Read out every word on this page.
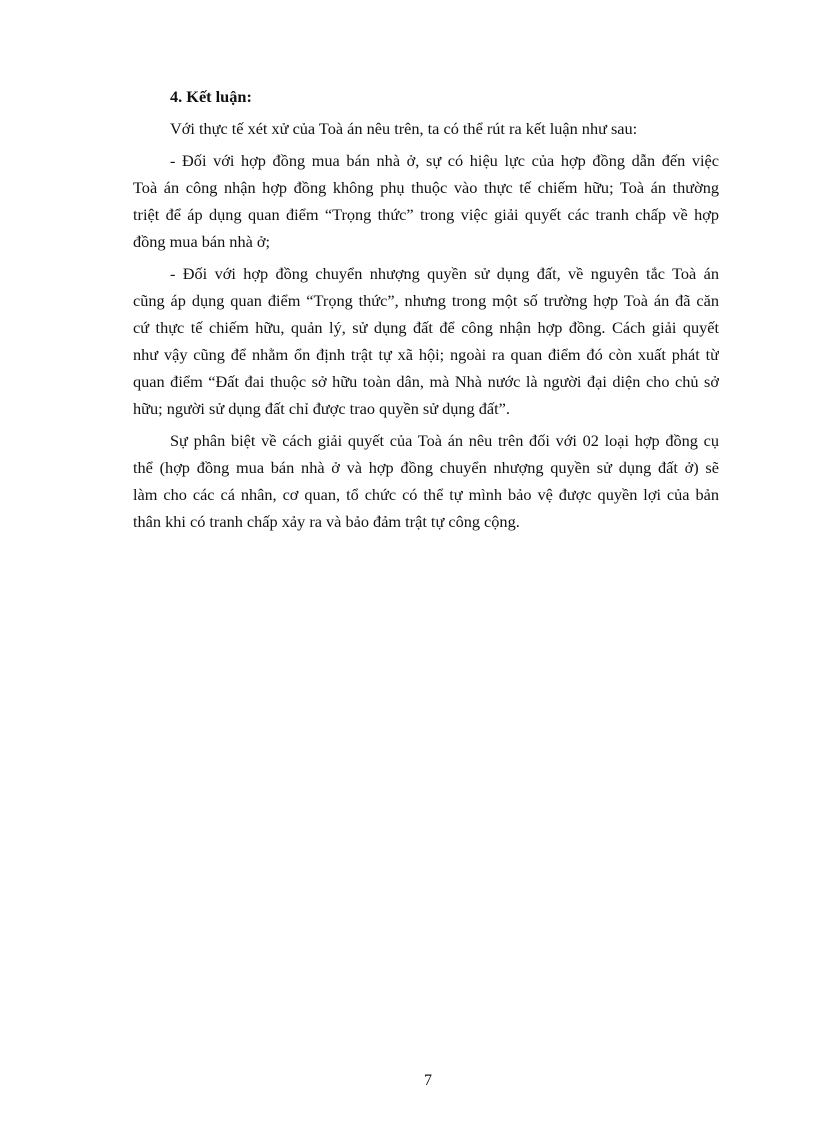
4. Kết luận:
Với thực tế xét xử của Toà án nêu trên, ta có thể rút ra kết luận như sau:
- Đối với hợp đồng mua bán nhà ở, sự có hiệu lực của hợp đồng dẫn đến việc
Toà án công nhận hợp đồng không phụ thuộc vào thực tế chiếm hữu; Toà án thường
triệt để áp dụng quan điểm “Trọng thức” trong việc giải quyết các tranh chấp về hợp
đồng mua bán nhà ở;
- Đối với hợp đồng chuyển nhượng quyền sử dụng đất, về nguyên tắc Toà án
cũng áp dụng quan điểm “Trọng thức”, nhưng trong một số trường hợp Toà án đã căn
cứ thực tế chiếm hữu, quản lý, sử dụng đất để công nhận hợp đồng. Cách giải quyết
như vậy cũng để nhằm ổn định trật tự xã hội; ngoài ra quan điểm đó còn xuất phát từ
quan điểm “Đất đai thuộc sở hữu toàn dân, mà Nhà nước là người đại diện cho chủ sở
hữu; người sử dụng đất chỉ được trao quyền sử dụng đất”.
Sự phân biệt về cách giải quyết của Toà án nêu trên đối với 02 loại hợp đồng cụ
thể (hợp đồng mua bán nhà ở và hợp đồng chuyển nhượng quyền sử dụng đất ở) sẽ
làm cho các cá nhân, cơ quan, tổ chức có thể tự mình bảo vệ được quyền lợi của bản
thân khi có tranh chấp xảy ra và bảo đảm trật tự công cộng.
7
